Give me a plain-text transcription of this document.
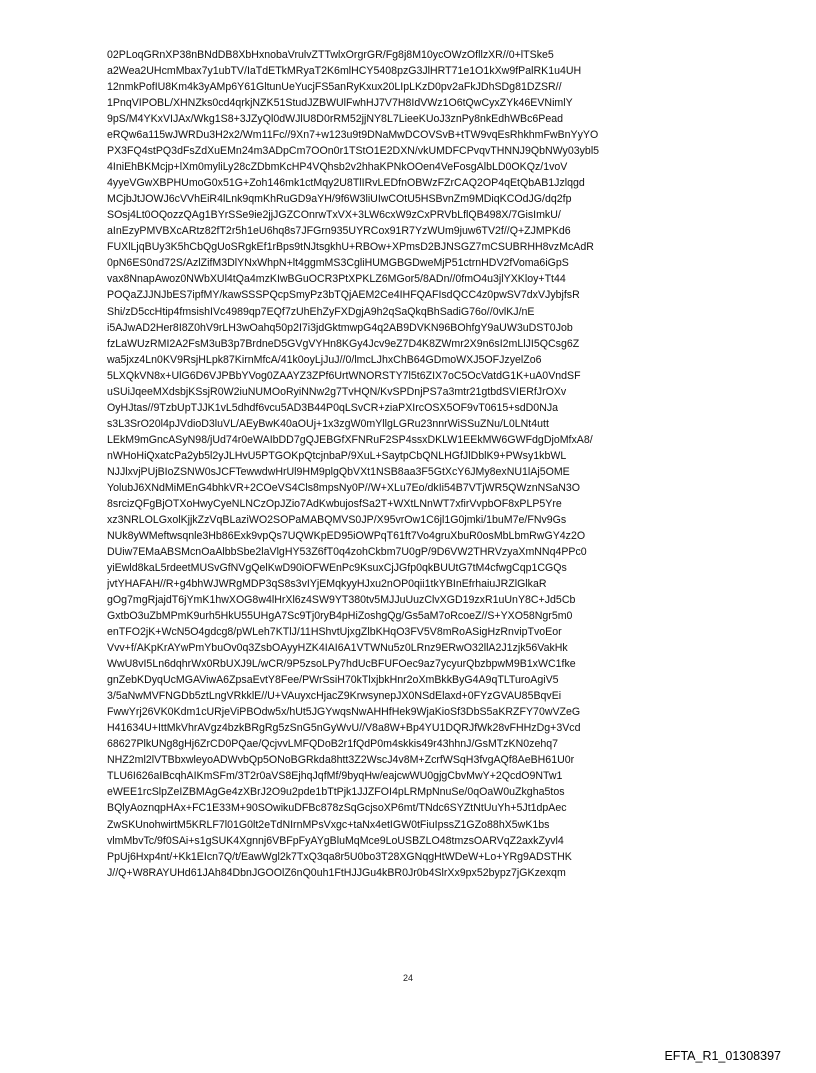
02PLoqGRnXP38nBNdDB8XbHxnobaVrulvZTTwlxOrgrGR/Fg8j8M10ycOWzOfllzXR//0+lTSke5
a2Wea2UHcmMbax7y1ubTV/IaTdETkMRyaT2K6mlHCY5408pzG3JlHRT71e1O1kXw9fPalRK1u4UH
12nmkPofIU8Km4k3yAMp6Y61GltunUeYucjFS5anRyKxux20LIpLKzD0pv2aFkJDhSDg81DZSR//
1PnqVIPOBL/XHNZks0cd4qrkjNZK51StudJZBWUlFwhHJ7V7H8IdVWz1O6tQwCyxZYk46EVNimlY
9pS/M4YKxVIJAx/Wkg1S8+3JZyQl0dWJlU8D0rRM52jjNY8L7LieeKUoJ3znPy8nkEdhWBc6Pead
eRQw6a115wJWRDu3H2x2/Wm11Fc//9Xn7+w123u9t9DNaMwDCOVSvB+tTW9vqEsRhkhmFwBnYyYO
PX3FQ4stPQ3dFsZdXuEMn24m3ADpCm7OOn0r1TStO1E2DXN/vkUMDFCPvqvTHNNJ9QbNWy03ybl5
4IniEhBKMcjp+lXm0myliLy28cZDbmKcHP4VQhsb2v2hhaKPNkOOen4VeFosgAlbLD0OKQz/1voV
4yyeVGwXBPHUmoG0x51G+Zoh146mk1ctMqy2U8TlIRvLEDfnOBWzFZrCAQ2OP4qEtQbAB1Jzlqgd
MCjbJtJOWJ6cVVhEiR4lLnk9qmKhRuGD9aYH/9f6W3liUIwCOtU5HSBvnZm9MDiqKCOdJG/dq2fp
SOsj4Lt0OQozzQAg1BYrSSe9ie2jjJGZCOnrwTxVX+3LW6cxW9zCxPRVbLflQB498X/7GisImkU/
aInEzyPMVBXcARtz82fT2r5h1eU6hq8s7JFGrn935UYRCox91R7YzWUm9juw6TV2f//Q+ZJMPKd6
FUXlLjqBUy3K5hCbQgUoSRgkEf1rBps9tNJtsgkhU+RBOw+XPmsD2BJNSGZ7mCSUBRHH8vzMcAdR
0pN6ES0nd72S/AzlZifM3DlYNxWhpN+lt4ggmMS3CgliHUMGBGDweMjP51ctrnHDV2fVoma6iGpS
vax8NnapAwoz0NWbXUl4tQa4mzKIwBGuOCR3PtXPKLZ6MGor5/8ADn//0fmO4u3jlYXKloy+Tt44
POQaZJJNJbES7ipfMY/kawSSSPQcpSmyPz3bTQjAEM2Ce4IHFQAFIsdQCC4z0pwSV7dxVJybjfsR
Shi/zD5ccHtip4fmsishIVc4989qp7EQf7zUhEhZyFXDgjA9h2qSaQkqBhSadiG76o//0vlKJ/nE
i5AJwAD2Her8I8Z0hV9rLH3wOahq50p2I7i3jdGktmwpG4q2AB9DVKN96BOhfgY9aUW3uDST0Job
fzLaWUzRMI2A2FsM3uB3p7BrdneD5GVgVYHn8KGy4Jcv9eZ7D4K8ZWmr2X9n6sI2mLlJI5QCsg6Z
wa5jxz4Ln0KV9RsjHLpk87KirnMfcA/41k0oyLjJuJ//0/lmcLJhxChB64GDmoWXJ5OFJzyelZo6
5LXQkVN8x+UlG6D6VJPBbYVog0ZAAYZ3ZPf6UrtWNORSTY7l5t6ZIX7oC5OcVatdG1K+uA0VndSF
uSUiJqeeMXdsbjKSsjR0W2iuNUMOoRyiNNw2g7TvHQN/KvSPDnjPS7a3mtr21gtbdSVIERfJrOXv
OyHJtas//9TzbUpTJJK1vL5dhdf6vcu5AD3B44P0qLSvCR+ziaPXIrcOSX5OF9vT0615+sdD0NJa
s3L3SrO20l4pJVdioD3luVL/AEyBwK40aOUj+1x3zgW0mYllgLGRu23nnrWiSSuZNu/L0LNt4utt
LEkM9mGncASyN98/jUd74r0eWAIbDD7gQJEBGfXFNRuF2SP4ssxDKLW1EEkMW6GWFdgDjoMfxA8/
nWHoHiQxatcPa2yb5l2yJLHvU5PTGOKpQtcjnbaP/9XuL+SaytpCbQNLHGfJlDblK9+PWsy1kbWL
NJJlxvjPUjBIoZSNW0sJCFTewwdwHrUl9HM9plgQbVXt1NSB8aa3F5GtXcY6JMy8exNU1lAj5OME
YolubJ6XNdMiMEnG4bhkVR+2COeVS4Cls8mpsNy0P//W+XLu7Eo/dkIi54B7VTjWR5QWznNSaN3O
8srcizQFgBjOTXoHwyCyeNLNCzOpJZio7AdKwbujosfSa2T+WXtLNnWT7xfirVvpbOF8xPLP5Yre
xz3NRLOLGxolKjjkZzVqBLaziWO2SOPaMABQMVS0JP/X95vrOw1C6jl1G0jmki/1buM7e/FNv9Gs
NUk8yWMeftwsqnle3Hb86Exk9vpQs7UQWKpED95iOWPqT61ft7Vo4gruXbuR0osMbLbmRwGY4z2O
DUiw7EMaABSMcnOaAlbbSbe2laVlgHY53Z6fT0q4zohCkbm7U0gP/9D6VW2THRVzyaXmNNq4PPc0
yiEwld8kaL5rdeetMUSvGfNVgQelKwD90iOFWEnPc9KsuxCjJGfp0qkBUUtG7tM4cfwgCqp1CGQs
jvtYHAFAH//R+g4bhWJWRgMDP3qS8s3vIYjEMqkyyHJxu2nOP0qii1tkYBInEfrhaiuJRZlGlkaR
gOg7mgRjajdT6jYmK1hwXOG8w4lHrXl6z4SW9YT380tv5MJJuUuzClvXGD19zxR1uUnY8C+Jd5Cb
GxtbO3uZbMPmK9urh5HkU55UHgA7Sc9Tj0ryB4pHiZoshgQg/Gs5aM7oRcoeZ//S+YXO58Ngr5m0
enTFO2jK+WcN5O4gdcg8/pWLeh7KTlJ/11HShvtUjxgZlbKHqO3FV5V8mRoASigHzRnvipTvoEor
Vvv+f/AKpKrAYwPmYbuOv0q3ZsbOAyyHZK4IAI6A1VTWNu5z0LRnz9ERwO32llA2J1zjk56VakHk
WwU8vI5Ln6dqhrWx0RbUXJ9L/wCR/9P5zsoLPy7hdUcBFUFOec9az7ycyurQbzbpwM9B1xWC1fke
gnZebKDyqUcMGAViwA6ZpsaEvtY8Fee/PWrSsiH70kTlxjbkHnr2oXmBkkByG4A9qTLTuroAgiV5
3/5aNwMVFNGDb5ztLngVRkklE//U+VAuyxcHjacZ9KrwsynepJX0NSdElaxd+0FYzGVAU85BqvEi
FwwYrj26VK0Kdm1cURjeViPBOdw5x/hUt5JGYwqsNwAHHfHek9WjaKioSf3DbS5aKRZFY70wVZeG
H41634U+IttMkVhrAVgz4bzkBRgRg5zSnG5nGyWvU//V8a8W+Bp4YU1DQRJfWk28vFHHzDg+3Vcd
68627PlkUNg8gHj6ZrCD0PQae/QcjvvLMFQDoB2r1fQdP0m4skkis49r43hhnJ/GsMTzKN0zehq7
NHZ2ml2lVTBbxwleyoADWvbQp5ONoBGRkda8htt3Z2WscJ4v8M+ZcrfWSqH3fvgAQf8AeBH61U0r
TLU6I626aIBcqhAIKmSFm/3T2r0aVS8EjhqJqfMf/9byqHw/eajcwWU0gjgCbvMwY+2QcdO9NTw1
eWEE1rcSlpZeIZBMAgGe4zXBrJ2O9u2pde1bTtPjk1JJZFOI4pLRMpNnuSe/0qOaW0uZkgha5tos
BQlyAoznqpHAx+FC1E33M+90SOwikuDFBc878zSqGcjsoXP6mt/TNdc6SYZtNtUuYh+5Jt1dpAec
ZwSKUnohwirtM5KRLF7l01G0lt2eTdNIrnMPsVxgc+taNx4etIGW0tFiuIpssZ1GZo88hX5wK1bs
vlmMbvTc/9f0SAi+s1gSUK4Xgnnj6VBFpFyAYgBluMqMce9LoUSBZLO48tmzsOARVqZ2axkZyvl4
PpUj6Hxp4nt/+Kk1EIcn7Q/t/EawWgl2k7TxQ3qa8r5U0bo3T28XGNqgHtWDeW+Lo+YRg9ADSTHK
J//Q+W8RAYUHd61JAh84DbnJGOOlZ6nQ0uh1FtHJJGu4kBR0Jr0b4SlrXx9px52bypz7jGKzexqm
24
EFTA_R1_01308397
